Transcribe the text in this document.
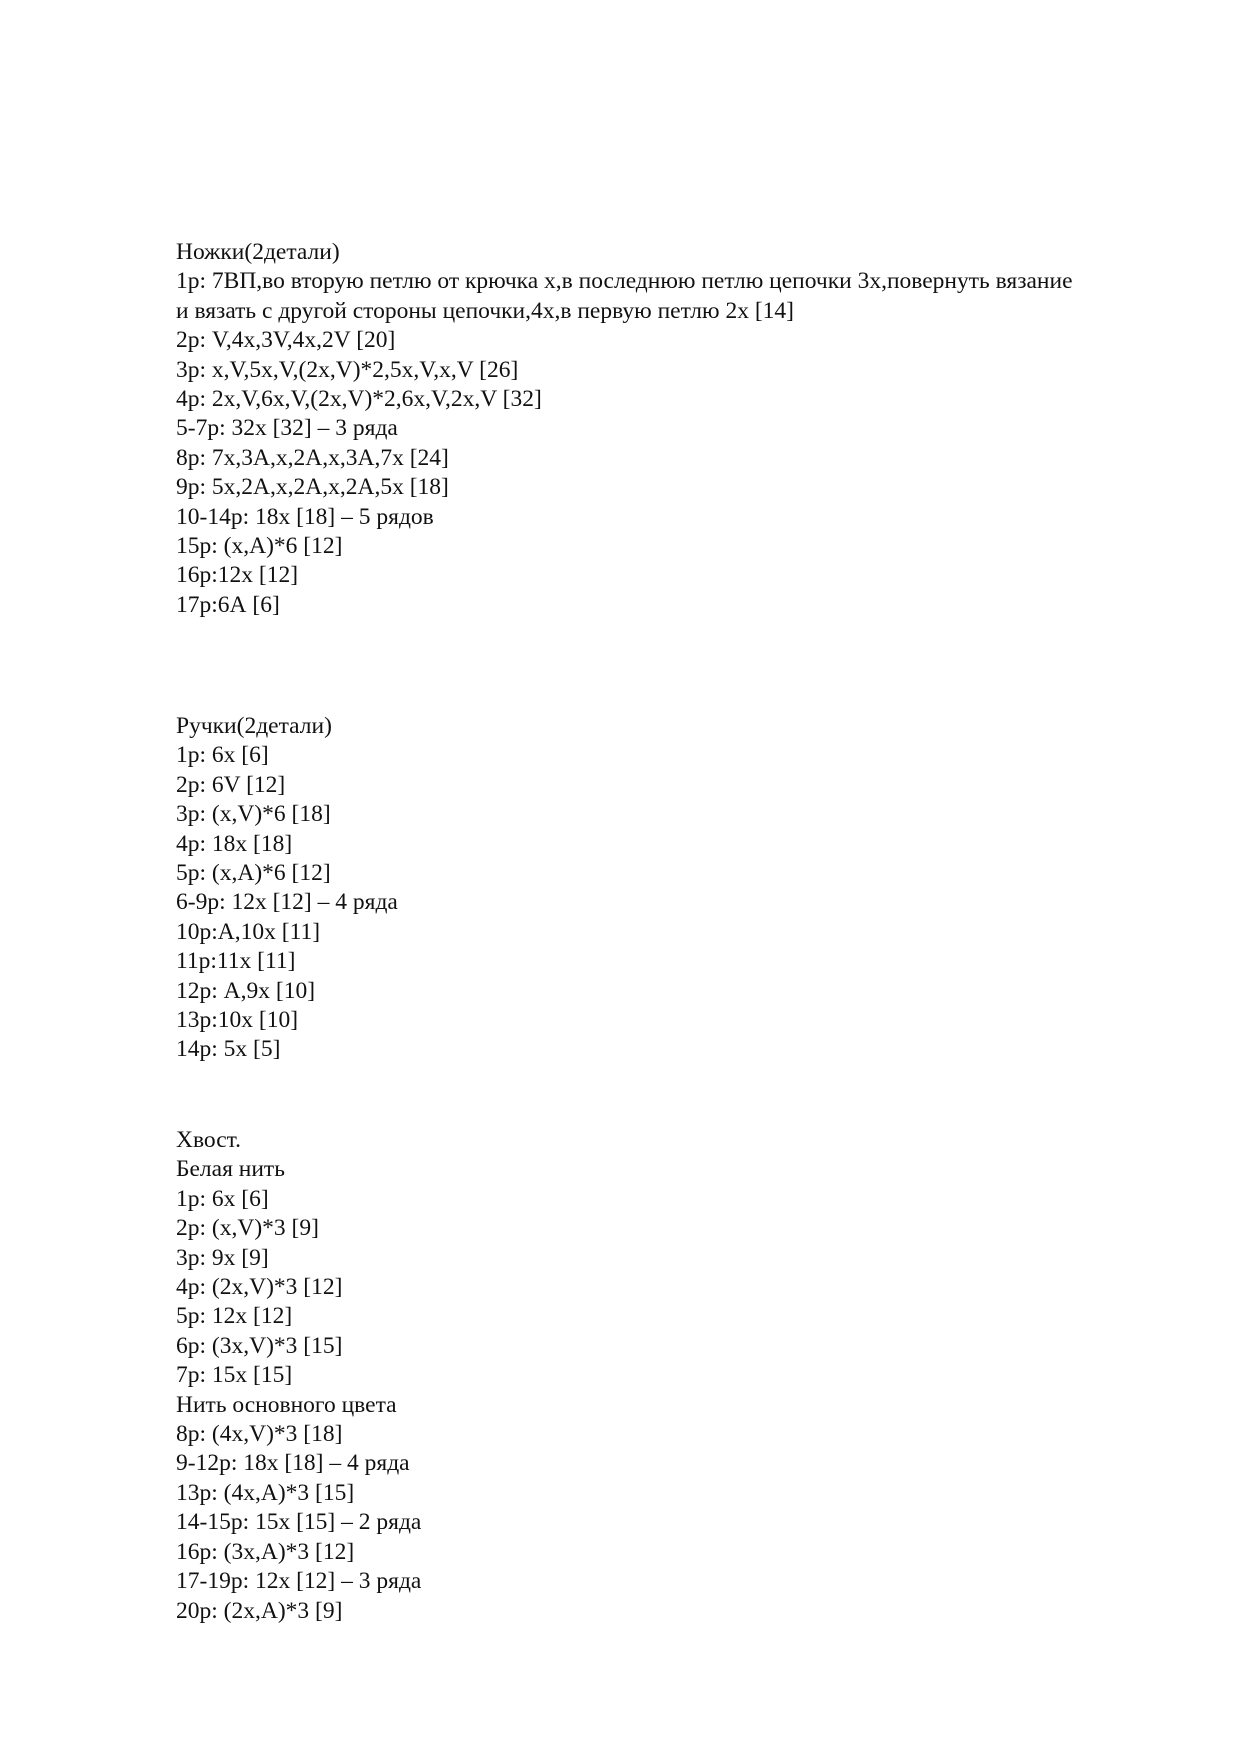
Ножки(2детали)
1р: 7ВП,во вторую петлю от крючка х,в последнюю петлю цепочки 3х,повернуть вязание
и вязать с другой стороны цепочки,4х,в первую петлю 2х [14]
2р: V,4x,3V,4x,2V [20]
3р: x,V,5x,V,(2x,V)*2,5x,V,x,V [26]
4р: 2x,V,6x,V,(2x,V)*2,6x,V,2x,V [32]
5-7р: 32х [32] – 3 ряда
8р: 7х,3А,х,2А,х,3А,7х [24]
9р: 5х,2А,х,2А,х,2А,5х [18]
10-14р: 18х [18] – 5 рядов
15р: (х,А)*6 [12]
16р:12х [12]
17р:6А [6]
Ручки(2детали)
1р: 6х [6]
2р: 6V [12]
3р: (x,V)*6 [18]
4р: 18х [18]
5р: (х,А)*6 [12]
6-9р: 12х [12] – 4 ряда
10р:А,10х [11]
11р:11х [11]
12р: А,9х [10]
13р:10х [10]
14р: 5х [5]
Хвост.
Белая нить
1р: 6х [6]
2р: (x,V)*3 [9]
3р: 9х [9]
4р: (2x,V)*3 [12]
5р: 12х [12]
6р: (3x,V)*3 [15]
7р: 15х [15]
Нить основного цвета
8р: (4x,V)*3 [18]
9-12р: 18х [18] – 4 ряда
13р: (4х,А)*3 [15]
14-15р: 15х [15] – 2 ряда
16р: (3х,А)*3 [12]
17-19р: 12х [12] – 3 ряда
20р: (2х,А)*3 [9]
